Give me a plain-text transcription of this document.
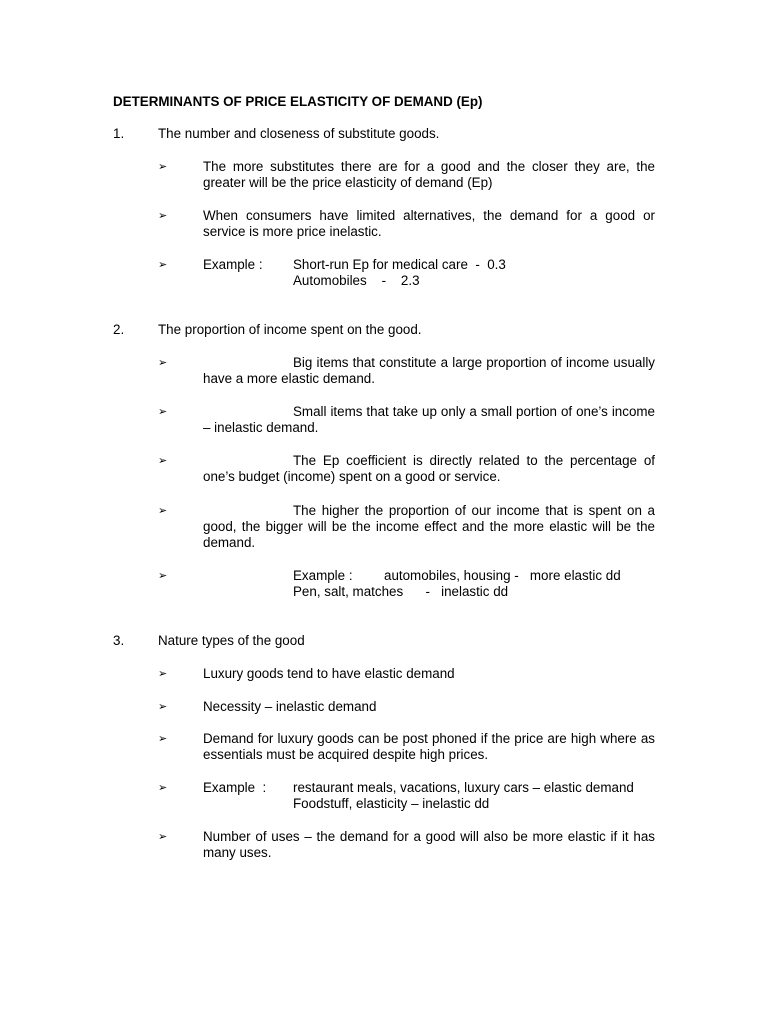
DETERMINANTS OF PRICE ELASTICITY OF DEMAND (Ep)
1.	The number and closeness of substitute goods.
➢	The more substitutes there are for a good and the closer they are, the greater will be the price elasticity of demand (Ep)
➢	When consumers have limited alternatives, the demand for a good or service is more price inelastic.
➢	Example : Short-run Ep for medical care  -  0.3
Automobiles    -    2.3
2.	The proportion of income spent on the good.
➢	Big items that constitute a large proportion of income usually have a more elastic demand.
➢	Small items that take up only a small portion of one’s income – inelastic demand.
➢	The Ep coefficient is directly related to the percentage of one’s budget (income) spent on a good or service.
➢	The higher the proportion of our income that is spent on a good, the bigger will be the income effect and the more elastic will be the demand.
➢	Example : automobiles, housing -   more elastic dd
Pen, salt, matches      -   inelastic dd
3.	Nature types of the good
➢	Luxury goods tend to have elastic demand
➢	Necessity – inelastic demand
➢	Demand for luxury goods can be post phoned if the price are high where as essentials must be acquired despite high prices.
➢	Example  : restaurant meals, vacations, luxury cars – elastic demand
Foodstuff, elasticity – inelastic dd
➢	Number of uses – the demand for a good will also be more elastic if it has many uses.
